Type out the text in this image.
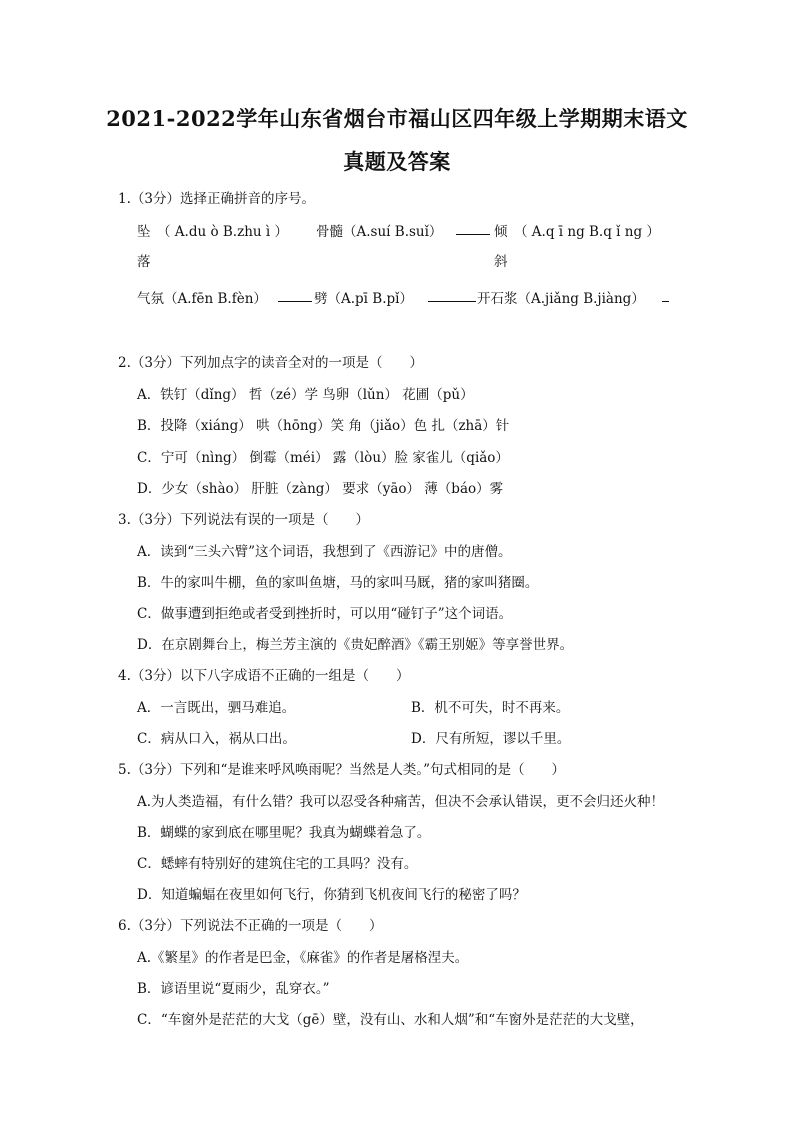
2021-2022学年山东省烟台市福山区四年级上学期期末语文
真题及答案
1.（3分）选择正确拼音的序号。
坠 （ A.du ò B.zhu ì ）
落
骨髓（A.suí B.suǐ）	倾 （ A.q ī ng B.q ǐ ng ）
斜
气氛（A.fēn B.fèn）	劈（A.pī B.pǐ）	开石浆（A.jiǎng B.jiàng）
2.（3分）下列加点字的读音全对的一项是（　　）
A．铁钉（dǐng） 哲（zé）学 鸟卵（lǔn） 花圃（pǔ）
B．投降（xiáng） 哄（hōng）笑 角（jiǎo）色 扎（zhā）针
C．宁可（nìng） 倒霉（méi） 露（lòu）脸 家雀儿（qiǎo）
D．少女（shào） 肝脏（zàng） 要求（yāo） 薄（báo）雾
3.（3分）下列说法有误的一项是（　　）
A．读到“三头六臂”这个词语，我想到了《西游记》中的唐僧。
B．牛的家叫牛棚，鱼的家叫鱼塘，马的家叫马厩，猪的家叫猪圈。
C．做事遭到拒绝或者受到挫折时，可以用“碰钉子”这个词语。
D．在京剧舞台上，梅兰芳主演的《贵妃醉酒》《霸王别姬》等享誉世界。
4.（3分）以下八字成语不正确的一组是（　　）
A．一言既出，驷马难追。	B．机不可失，时不再来。
C．病从口入，祸从口出。	D．尺有所短，谬以千里。
5.（3分）下列和“是谁来呼风唤雨呢？当然是人类。”句式相同的是（　　）
A.为人类造福，有什么错？我可以忍受各种痛苦，但决不会承认错误，更不会归还火种！
B．蝴蝶的家到底在哪里呢？我真为蝴蝶着急了。
C．蟋蟀有特别好的建筑住宅的工具吗？没有。
D．知道蝙蝠在夜里如何飞行，你猜到飞机夜间飞行的秘密了吗？
6.（3分）下列说法不正确的一项是（　　）
A.《繁星》的作者是巴金，《麻雀》的作者是屠格涅夫。
B．谚语里说“夏雨少，乱穿衣。”
C．“车窗外是茫茫的大戈（gē）壁，没有山、水和人烟”和“车窗外是茫茫的大戈壁，
